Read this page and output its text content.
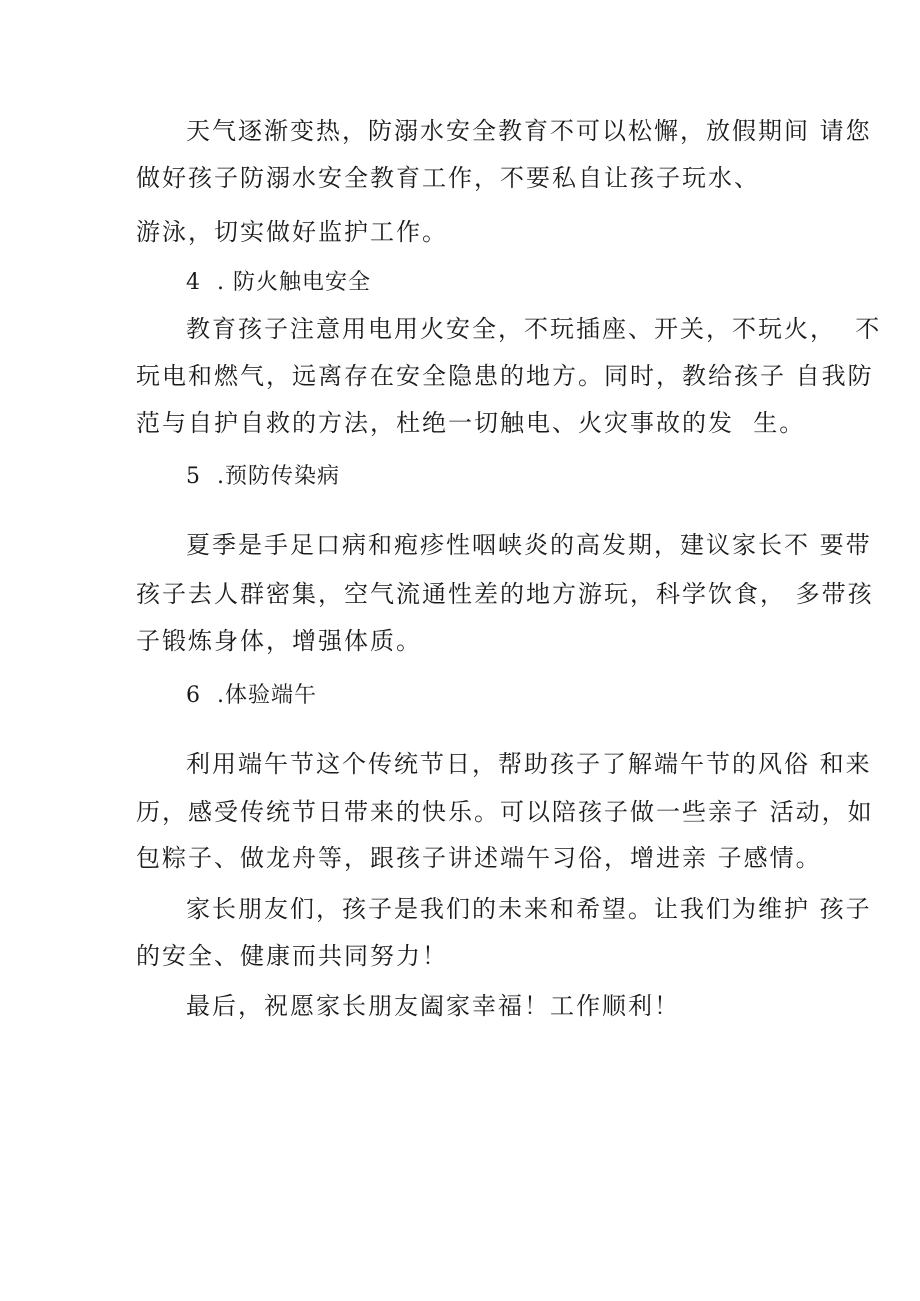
天气逐渐变热，防溺水安全教育不可以松懈，放假期间 请您
做好孩子防溺水安全教育工作，不要私自让孩子玩水、
游泳，切实做好监护工作。
4  . 防火触电安全
教育孩子注意用电用火安全，不玩插座、开关，不玩火，  不
玩电和燃气，远离存在安全隐患的地方。同时，教给孩子 自我防
范与自护自救的方法，杜绝一切触电、火灾事故的发  生。
5  .预防传染病
夏季是手足口病和疱疹性咽峡炎的高发期，建议家长不 要带
孩子去人群密集，空气流通性差的地方游玩，科学饮食， 多带孩
子锻炼身体，增强体质。
6  .体验端午
利用端午节这个传统节日，帮助孩子了解端午节的风俗 和来
历，感受传统节日带来的快乐。可以陪孩子做一些亲子 活动，如
包粽子、做龙舟等，跟孩子讲述端午习俗，增进亲 子感情。
家长朋友们，孩子是我们的未来和希望。让我们为维护 孩子
的安全、健康而共同努力！
最后，祝愿家长朋友阖家幸福！工作顺利！
